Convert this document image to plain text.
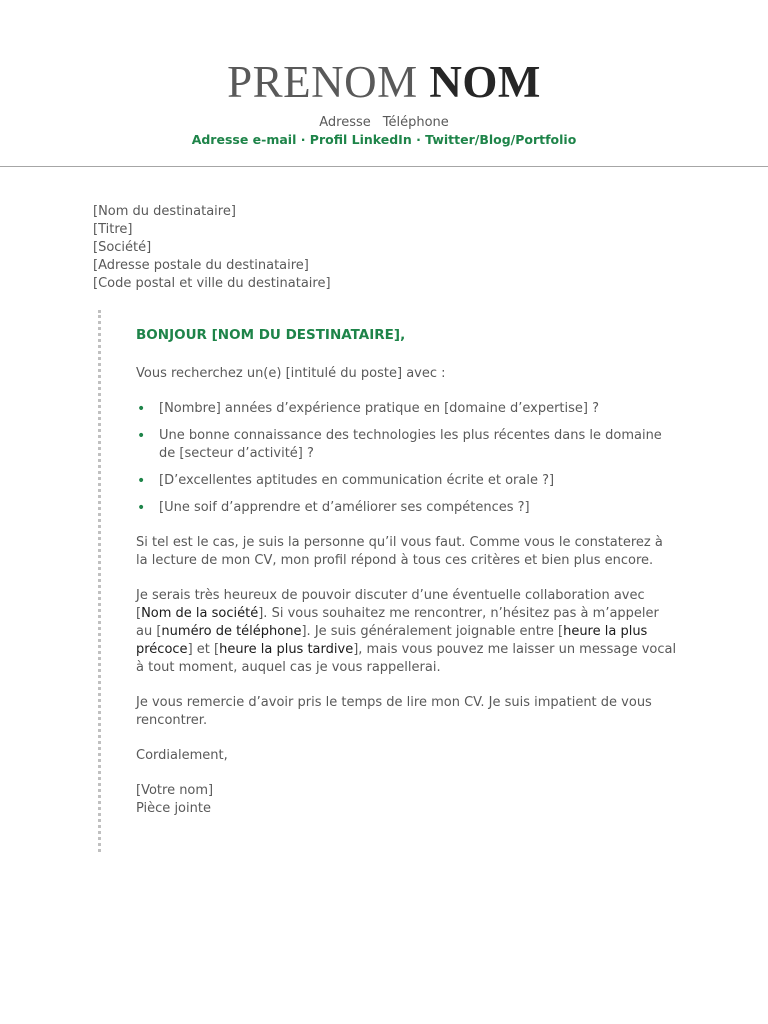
PRENOM NOM
Adresse Téléphone
Adresse e-mail · Profil LinkedIn · Twitter/Blog/Portfolio
[Nom du destinataire]
[Titre]
[Société]
[Adresse postale du destinataire]
[Code postal et ville du destinataire]
BONJOUR [NOM DU DESTINATAIRE],
Vous recherchez un(e) [intitulé du poste] avec :
• [Nombre] années d’expérience pratique en [domaine d’expertise] ?
• Une bonne connaissance des technologies les plus récentes dans le domaine de [secteur d’activité] ?
• [D’excellentes aptitudes en communication écrite et orale ?]
• [Une soif d’apprendre et d’améliorer ses compétences ?]
Si tel est le cas, je suis la personne qu’il vous faut. Comme vous le constaterez à la lecture de mon CV, mon profil répond à tous ces critères et bien plus encore.
Je serais très heureux de pouvoir discuter d’une éventuelle collaboration avec [Nom de la société]. Si vous souhaitez me rencontrer, n’hésitez pas à m’appeler au [numéro de téléphone]. Je suis généralement joignable entre [heure la plus précoce] et [heure la plus tardive], mais vous pouvez me laisser un message vocal à tout moment, auquel cas je vous rappellerai.
Je vous remercie d’avoir pris le temps de lire mon CV. Je suis impatient de vous rencontrer.
Cordialement,
[Votre nom]
Pièce jointe
